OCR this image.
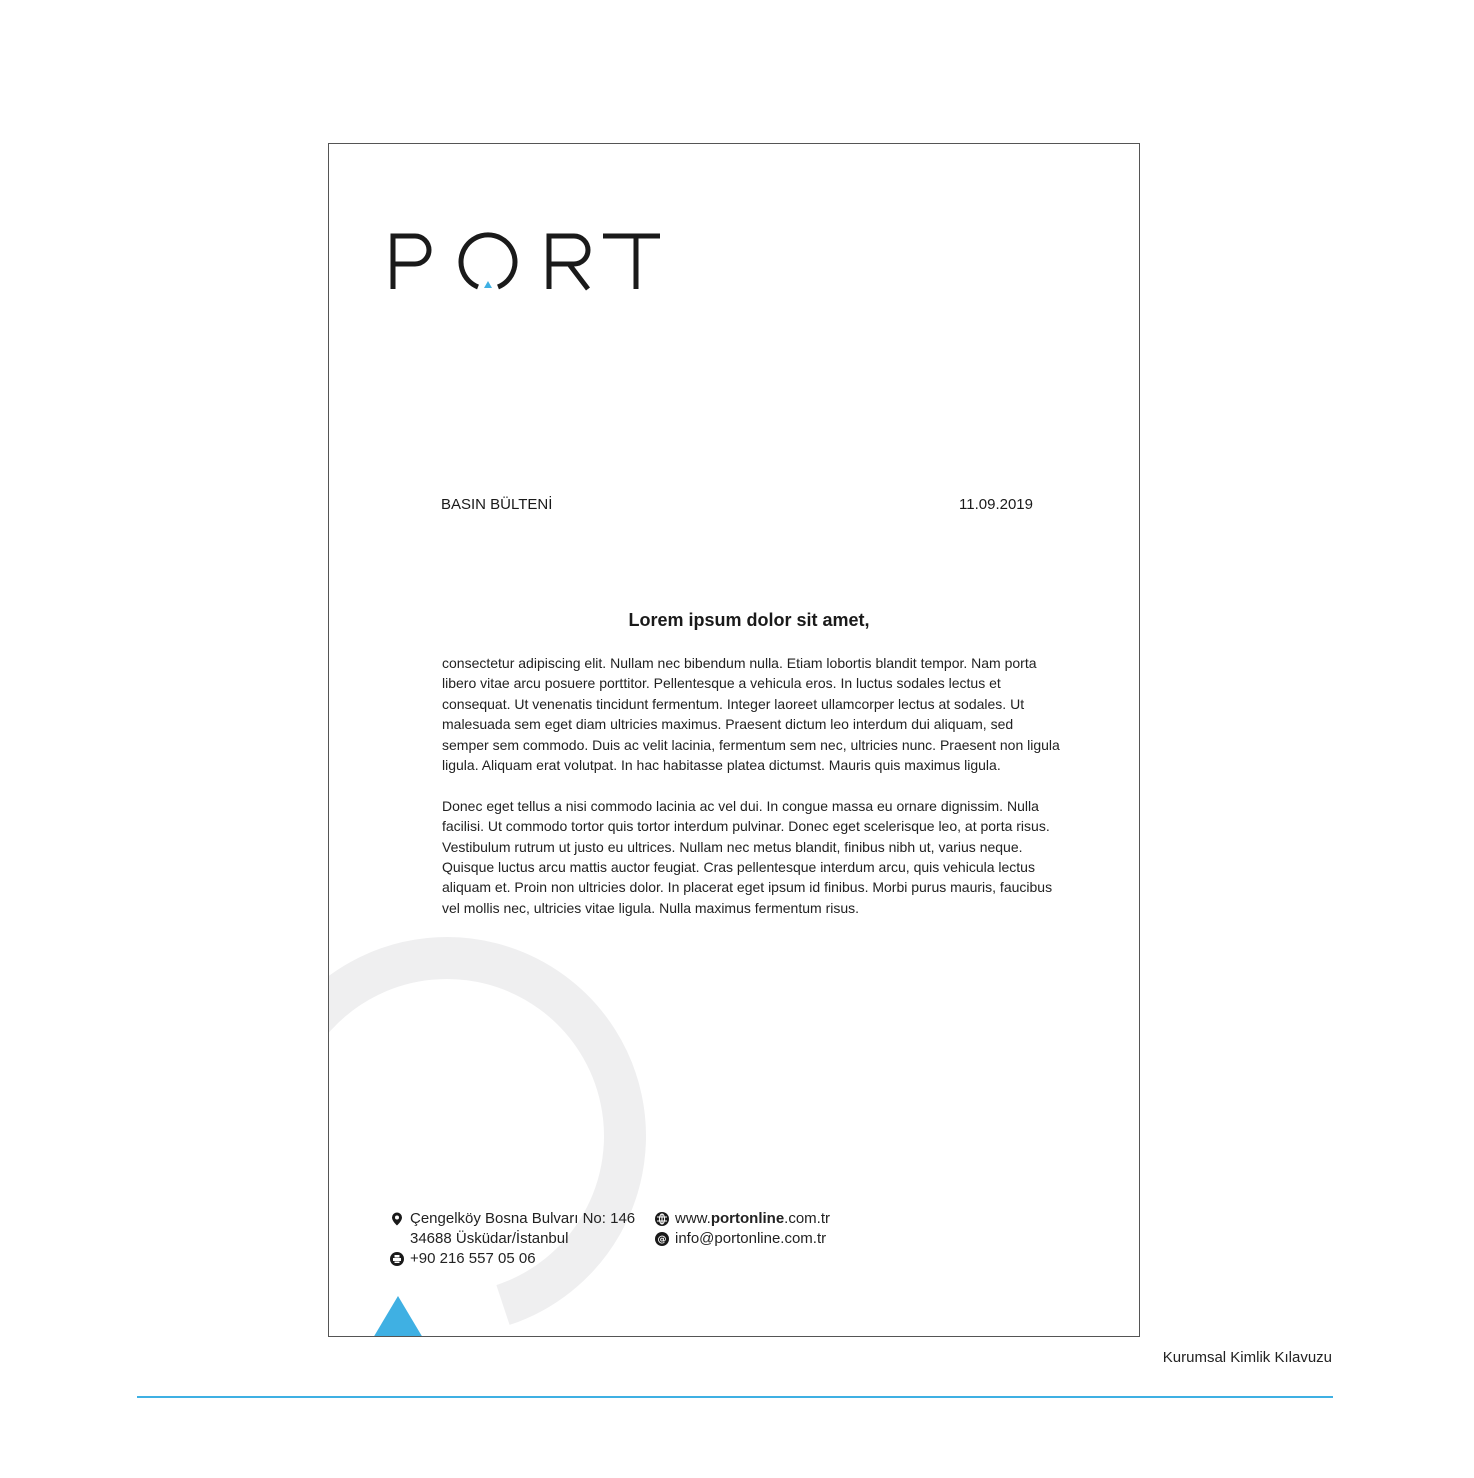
BASIN BÜLTENİ	11.09.2019
Lorem ipsum dolor sit amet,

consectetur adipiscing elit. Nullam nec bibendum nulla. Etiam lobortis blandit tempor. Nam porta libero vitae arcu posuere porttitor. Pellentesque a vehicula eros. In luctus sodales lectus et consequat. Ut venenatis tincidunt fermentum. Integer laoreet ullamcorper lectus at sodales. Ut malesuada sem eget diam ultricies maximus. Praesent dictum leo interdum dui aliquam, sed semper sem commodo. Duis ac velit lacinia, fermentum sem nec, ultricies nunc. Praesent non ligula ligula. Aliquam erat volutpat. In hac habitasse platea dictumst. Mauris quis maximus ligula.

Donec eget tellus a nisi commodo lacinia ac vel dui. In congue massa eu ornare dignissim. Nulla facilisi. Ut commodo tortor quis tortor interdum pulvinar. Donec eget scelerisque leo, at porta risus. Vestibulum rutrum ut justo eu ultrices. Nullam nec metus blandit, finibus nibh ut, varius neque. Quisque luctus arcu mattis auctor feugiat. Cras pellentesque interdum arcu, quis vehicula lectus aliquam et. Proin non ultricies dolor. In placerat eget ipsum id finibus. Morbi purus mauris, faucibus vel mollis nec, ultricies vitae ligula. Nulla maximus fermentum risus.

Çengelköy Bosna Bulvarı No: 146
34688 Üsküdar/İstanbul
+90 216 557 05 06
www.portonline.com.tr
@ info@portonline.com.tr
Kurumsal Kimlik Kılavuzu
